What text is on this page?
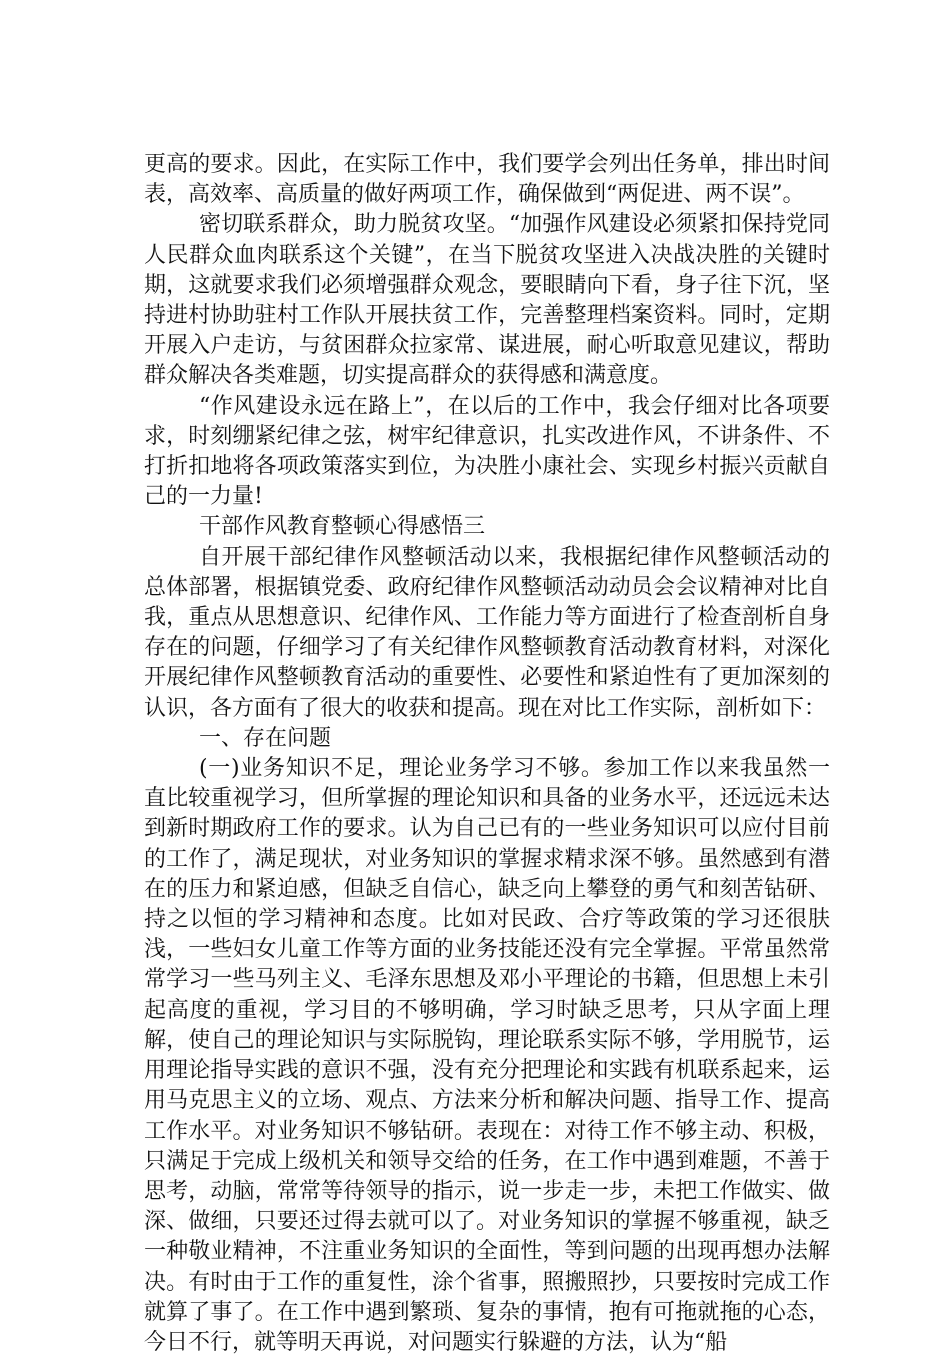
更高的要求。因此，在实际工作中，我们要学会列出任务单，排出时间表，高效率、高质量的做好两项工作，确保做到“两促进、两不误”。

密切联系群众，助力脱贫攻坚。“加强作风建设必须紧扣保持党同人民群众血肉联系这个关键”，在当下脱贫攻坚进入决战决胜的关键时期，这就要求我们必须增强群众观念，要眼睛向下看，身子往下沉，坚持进村协助驻村工作队开展扶贫工作，完善整理档案资料。同时，定期开展入户走访，与贫困群众拉家常、谋进展，耐心听取意见建议，帮助群众解决各类难题，切实提高群众的获得感和满意度。

“作风建设永远在路上”，在以后的工作中，我会仔细对比各项要求，时刻绷紧纪律之弦，树牢纪律意识，扎实改进作风，不讲条件、不打折扣地将各项政策落实到位，为决胜小康社会、实现乡村振兴贡献自己的一力量!

干部作风教育整顿心得感悟三

自开展干部纪律作风整顿活动以来，我根据纪律作风整顿活动的总体部署，根据镇党委、政府纪律作风整顿活动动员会会议精神对比自我，重点从思想意识、纪律作风、工作能力等方面进行了检查剖析自身存在的问题，仔细学习了有关纪律作风整顿教育活动教育材料，对深化开展纪律作风整顿教育活动的重要性、必要性和紧迫性有了更加深刻的认识，各方面有了很大的收获和提高。现在对比工作实际，剖析如下：

一、存在问题

(一)业务知识不足，理论业务学习不够。参加工作以来我虽然一直比较重视学习，但所掌握的理论知识和具备的业务水平，还远远未达到新时期政府工作的要求。认为自己已有的一些业务知识可以应付目前的工作了，满足现状，对业务知识的掌握求精求深不够。虽然感到有潜在的压力和紧迫感，但缺乏自信心，缺乏向上攀登的勇气和刻苦钻研、持之以恒的学习精神和态度。比如对民政、合疗等政策的学习还很肤浅，一些妇女儿童工作等方面的业务技能还没有完全掌握。平常虽然常常学习一些马列主义、毛泽东思想及邓小平理论的书籍，但思想上未引起高度的重视，学习目的不够明确，学习时缺乏思考，只从字面上理解，使自己的理论知识与实际脱钩，理论联系实际不够，学用脱节，运用理论指导实践的意识不强，没有充分把理论和实践有机联系起来，运用马克思主义的立场、观点、方法来分析和解决问题、指导工作、提高工作水平。对业务知识不够钻研。表现在：对待工作不够主动、积极，只满足于完成上级机关和领导交给的任务，在工作中遇到难题，不善于思考，动脑，常常等待领导的指示，说一步走一步，未把工作做实、做深、做细，只要还过得去就可以了。对业务知识的掌握不够重视，缺乏一种敬业精神，不注重业务知识的全面性，等到问题的出现再想办法解决。有时由于工作的重复性，涂个省事，照搬照抄，只要按时完成工作就算了事了。在工作中遇到繁琐、复杂的事情，抱有可拖就拖的心态，今日不行，就等明天再说，对问题实行躲避的方法，认为“船
